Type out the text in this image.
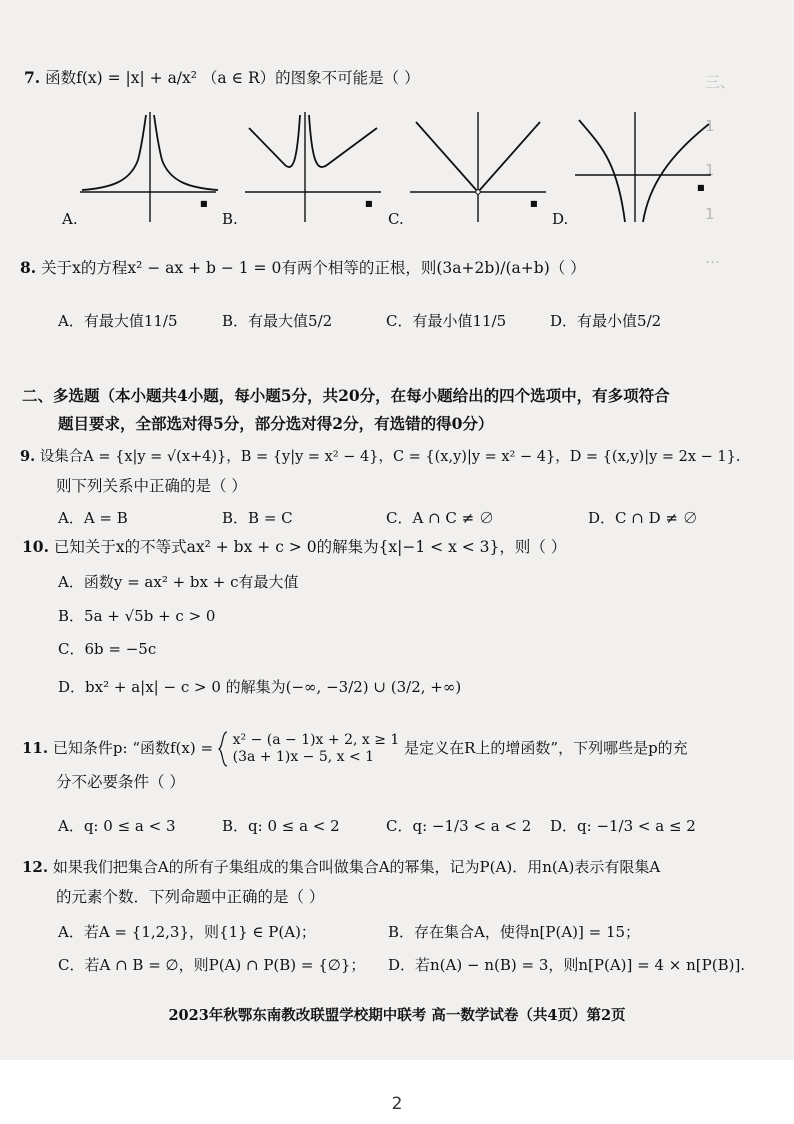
三、
1
1
1
…
7. 函数f(x) = |x| + a/x² （a ∈ R）的图象不可能是（ ）
■	■	■
■
A.	B.	C.	D.
8. 关于x的方程x² − ax + b − 1 = 0有两个相等的正根，则(3a+2b)/(a+b)（ ）
A．有最大值11/5	B．有最大值5/2	C．有最小值11/5	D．有最小值5/2
二、多选题（本小题共4小题，每小题5分，共20分，在每小题给出的四个选项中，有多项符合
题目要求，全部选对得5分，部分选对得2分，有选错的得0分）
9. 设集合A = {x|y = √(x+4)}，B = {y|y = x² − 4}，C = {(x,y)|y = x² − 4}，D = {(x,y)|y = 2x − 1}.
则下列关系中正确的是（ ）
A．A = B	B．B = C	C．A ∩ C ≠ ∅	D．C ∩ D ≠ ∅
10. 已知关于x的不等式ax² + bx + c > 0的解集为{x|−1 < x < 3}，则（ ）
A．函数y = ax² + bx + c有最大值
B．5a + √5b + c > 0
C．6b = −5c
D．bx² + a|x| − c > 0 的解集为(−∞, −3/2) ∪ (3/2, +∞)
11. 已知条件p: “函数f(x) = x² − (a − 1)x + 2, x ≥ 1
(3a + 1)x − 5, x < 1	是定义在R上的增函数”，下列哪些是p的充
分不必要条件（ ）
A．q: 0 ≤ a < 3	B．q: 0 ≤ a < 2	C．q: −1/3 < a < 2 D．q: −1/3 < a ≤ 2
12. 如果我们把集合A的所有子集组成的集合叫做集合A的幂集，记为P(A)．用n(A)表示有限集A
的元素个数．下列命题中正确的是（ ）
A．若A = {1,2,3}，则{1} ∈ P(A)；	B．存在集合A，使得n[P(A)] = 15；
C．若A ∩ B = ∅，则P(A) ∩ P(B) = {∅}； D．若n(A) − n(B) = 3，则n[P(A)] = 4 × n[P(B)].
2023年秋鄂东南教改联盟学校期中联考 高一数学试卷（共4页）第2页
2
